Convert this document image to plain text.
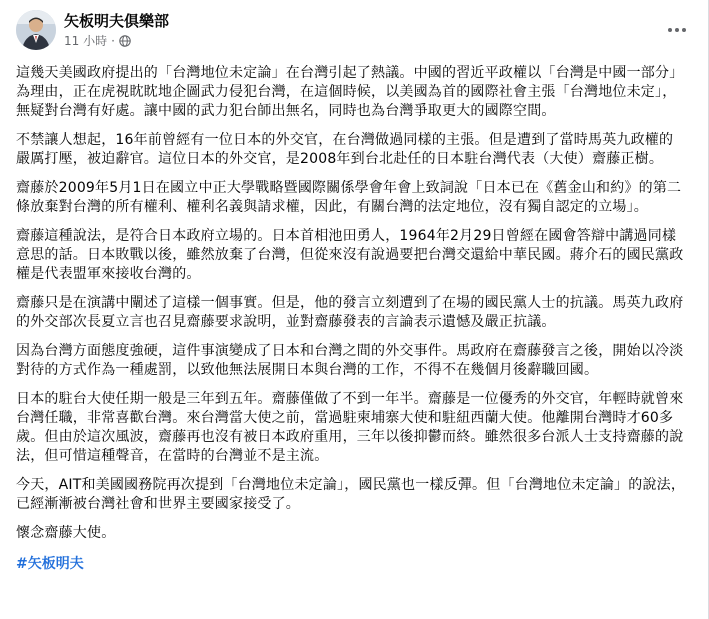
矢板明夫俱樂部
11 小時 ·

這幾天美國政府提出的「台灣地位未定論」在台灣引起了熱議。中國的習近平政權以「台灣是中國一部分」為理由，正在虎視眈眈地企圖武力侵犯台灣，在這個時候，以美國為首的國際社會主張「台灣地位未定」，無疑對台灣有好處。讓中國的武力犯台師出無名，同時也為台灣爭取更大的國際空間。

不禁讓人想起，16年前曾經有一位日本的外交官，在台灣做過同樣的主張。但是遭到了當時馬英九政權的嚴厲打壓，被迫辭官。這位日本的外交官，是2008年到台北赴任的日本駐台灣代表（大使）齋藤正樹。

齋藤於2009年5月1日在國立中正大學戰略暨國際關係學會年會上致詞說「日本已在《舊金山和約》的第二條放棄對台灣的所有權利、權利名義與請求權，因此，有關台灣的法定地位，沒有獨自認定的立場」。

齋藤這種說法，是符合日本政府立場的。日本首相池田勇人，1964年2月29日曾經在國會答辯中講過同樣意思的話。日本敗戰以後，雖然放棄了台灣，但從來沒有說過要把台灣交還給中華民國。蔣介石的國民黨政權是代表盟軍來接收台灣的。

齋藤只是在演講中闡述了這樣一個事實。但是，他的發言立刻遭到了在場的國民黨人士的抗議。馬英九政府的外交部次長夏立言也召見齋藤要求說明，並對齋藤發表的言論表示遺憾及嚴正抗議。

因為台灣方面態度強硬，這件事演變成了日本和台灣之間的外交事件。馬政府在齋藤發言之後，開始以冷淡對待的方式作為一種處罰，以致他無法展開日本與台灣的工作，不得不在幾個月後辭職回國。

日本的駐台大使任期一般是三年到五年。齋藤僅做了不到一年半。齋藤是一位優秀的外交官，年輕時就曾來台灣任職，非常喜歡台灣。來台灣當大使之前，當過駐柬埔寨大使和駐紐西蘭大使。他離開台灣時才60多歲。但由於這次風波，齋藤再也沒有被日本政府重用，三年以後抑鬱而終。雖然很多台派人士支持齋藤的說法，但可惜這種聲音，在當時的台灣並不是主流。

今天，AIT和美國國務院再次提到「台灣地位未定論」，國民黨也一樣反彈。但「台灣地位未定論」的說法，已經漸漸被台灣社會和世界主要國家接受了。

懷念齋藤大使。

#矢板明夫
